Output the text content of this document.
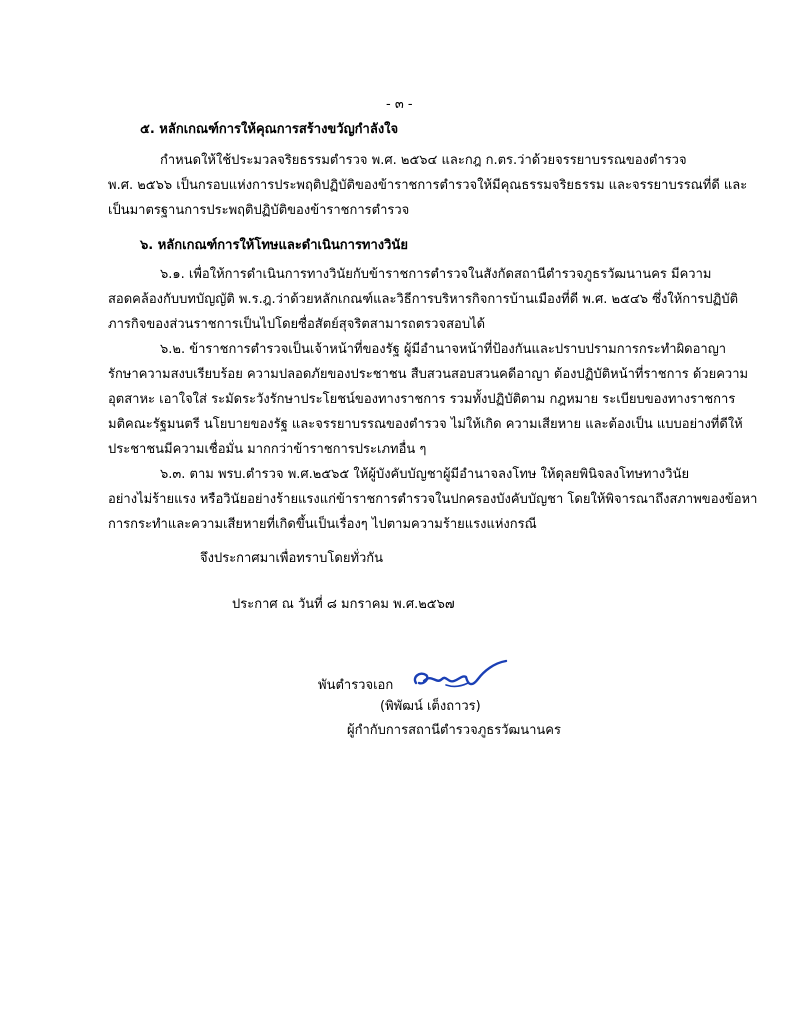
- ๓ -
๕. หลักเกณฑ์การให้คุณการสร้างขวัญกำลังใจ
กำหนดให้ใช้ประมวลจริยธรรมตำรวจ พ.ศ. ๒๕๖๔ และกฎ ก.ตร.ว่าด้วยจรรยาบรรณของตำรวจ
พ.ศ. ๒๕๖๖ เป็นกรอบแห่งการประพฤติปฏิบัติของข้าราชการตำรวจให้มีคุณธรรมจริยธรรม และจรรยาบรรณที่ดี และ
เป็นมาตรฐานการประพฤติปฏิบัติของข้าราชการตำรวจ
๖. หลักเกณฑ์การให้โทษและดำเนินการทางวินัย
๖.๑. เพื่อให้การดำเนินการทางวินัยกับข้าราชการตำรวจในสังกัดสถานีตำรวจภูธรวัฒนานคร มีความ
สอดคล้องกับบทบัญญัติ พ.ร.ฎ.ว่าด้วยหลักเกณฑ์และวิธีการบริหารกิจการบ้านเมืองที่ดี พ.ศ. ๒๕๔๖ ซึ่งให้การปฏิบัติ
ภารกิจของส่วนราชการเป็นไปโดยซื่อสัตย์สุจริตสามารถตรวจสอบได้
๖.๒. ข้าราชการตำรวจเป็นเจ้าหน้าที่ของรัฐ ผู้มีอำนาจหน้าที่ป้องกันและปราบปรามการกระทำผิดอาญา
รักษาความสงบเรียบร้อย ความปลอดภัยของประชาชน สืบสวนสอบสวนคดีอาญา ต้องปฏิบัติหน้าที่ราชการ ด้วยความ
อุตสาหะ เอาใจใส่ ระมัดระวังรักษาประโยชน์ของทางราชการ รวมทั้งปฏิบัติตาม กฎหมาย ระเบียบของทางราชการ
มติคณะรัฐมนตรี นโยบายของรัฐ และจรรยาบรรณของตำรวจ ไม่ให้เกิด ความเสียหาย และต้องเป็น แบบอย่างที่ดีให้
ประชาชนมีความเชื่อมั่น มากกว่าข้าราชการประเภทอื่น ๆ
๖.๓. ตาม พรบ.ตำรวจ พ.ศ.๒๕๖๕ ให้ผู้บังคับบัญชาผู้มีอำนาจลงโทษ ให้ดุลยพินิจลงโทษทางวินัย
อย่างไม่ร้ายแรง หรือวินัยอย่างร้ายแรงแก่ข้าราชการตำรวจในปกครองบังคับบัญชา โดยให้พิจารณาถึงสภาพของข้อหา
การกระทำและความเสียหายที่เกิดขึ้นเป็นเรื่องๆ ไปตามความร้ายแรงแห่งกรณี
จึงประกาศมาเพื่อทราบโดยทั่วกัน
ประกาศ ณ วันที่ ๘ มกราคม พ.ศ.๒๕๖๗
พันตำรวจเอก
(พิพัฒน์ เต็งถาวร)
ผู้กำกับการสถานีตำรวจภูธรวัฒนานคร
